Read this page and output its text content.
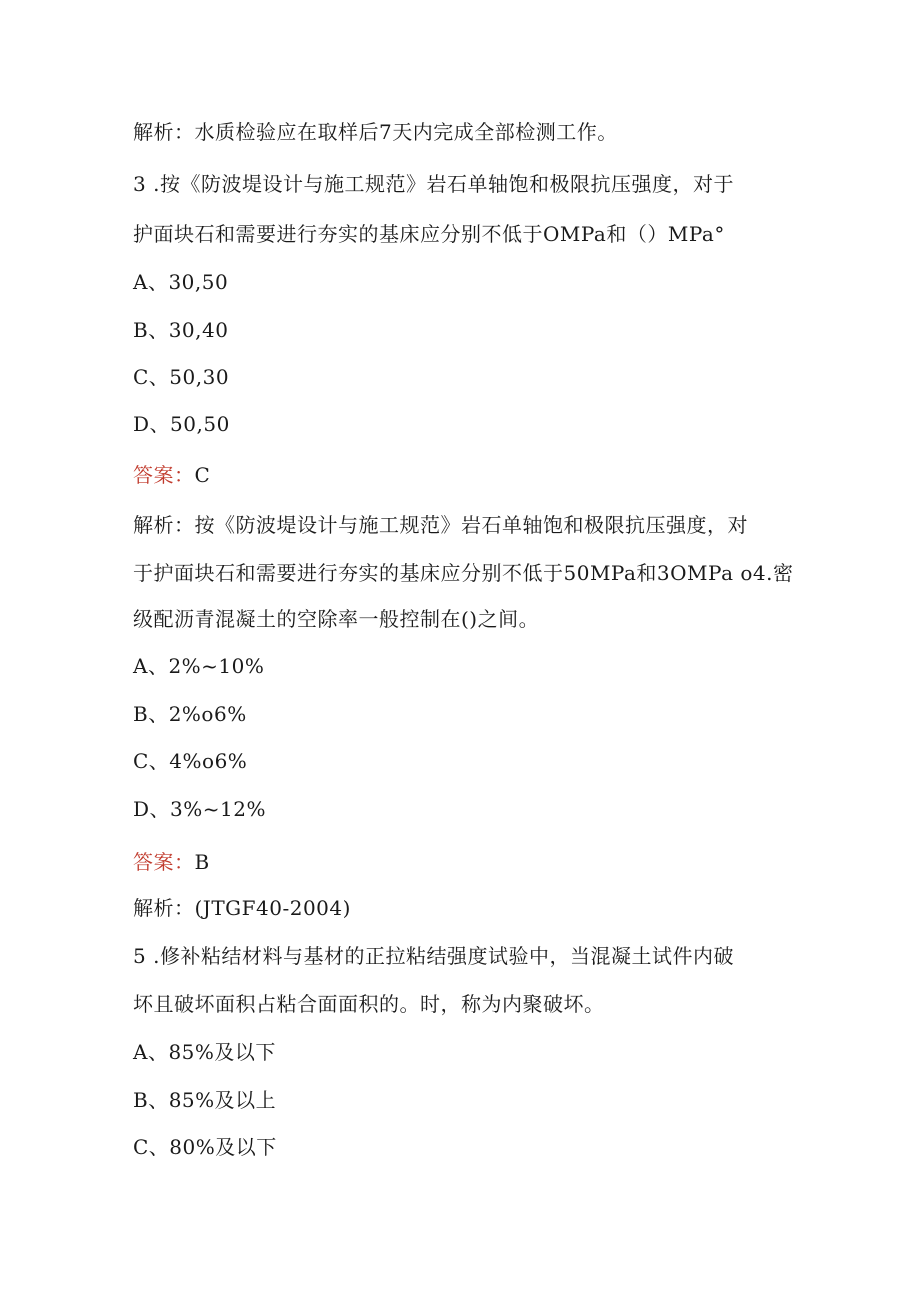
解析：水质检验应在取样后7天内完成全部检测工作。
3 .按《防波堤设计与施工规范》岩石单轴饱和极限抗压强度，对于
护面块石和需要进行夯实的基床应分别不低于OMPa和（）MPa°
A、30,50
B、30,40
C、50,30
D、50,50
答案：C
解析：按《防波堤设计与施工规范》岩石单轴饱和极限抗压强度，对
于护面块石和需要进行夯实的基床应分别不低于50MPa和3OMPa o4.密
级配沥青混凝土的空除率一般控制在()之间。
A、2%~10%
B、2%o6%
C、4%o6%
D、3%~12%
答案：B
解析：(JTGF40-2004)
5 .修补粘结材料与基材的正拉粘结强度试验中，当混凝土试件内破
坏且破坏面积占粘合面面积的。时，称为内聚破坏。
A、85%及以下
B、85%及以上
C、80%及以下
